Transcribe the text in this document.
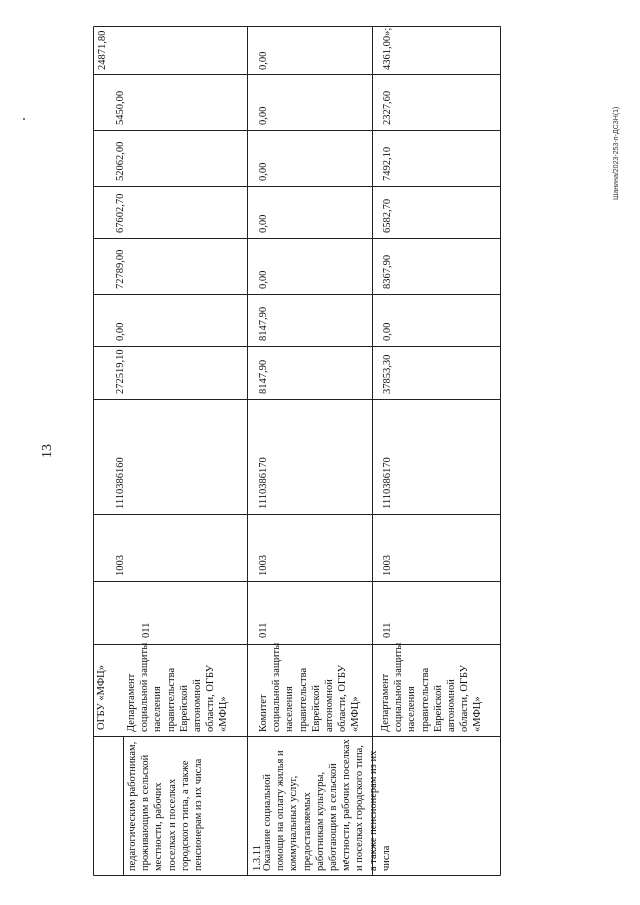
13
Шанина/2023-253-п-ДСЗН(1)
педагогическим работникам, проживающим в сельской местности, рабочих поселках и поселках городского типа, а также пенсионерам из их числа
ОГБУ «МФЦ»
24871,80
Департамент социальной защиты населения правительства Еврейской автономной области, ОГБУ «МФЦ»
011
1003
1110386160
272519,10
0,00
72789,00
67602,70
52062,00
5450,00
1.3.11 Оказание социальной помощи на оплату жилья и коммунальных услуг, предоставляемых работникам культуры, работающим в сельской местности, рабочих поселках и поселках городского типа, а также пенсионерам из их числа
Комитет социальной защиты населения правительства Еврейской автономной области, ОГБУ «МФЦ»
011
1003
1110386170
8147,90
8147,90
0,00
0,00
0,00
0,00
0,00
Департамент социальной защиты населения правительства Еврейской автономной области, ОГБУ «МФЦ»
011
1003
1110386170
37853,30
0,00
8367,90
6582,70
7492,10
2327,60
4361,00»;
